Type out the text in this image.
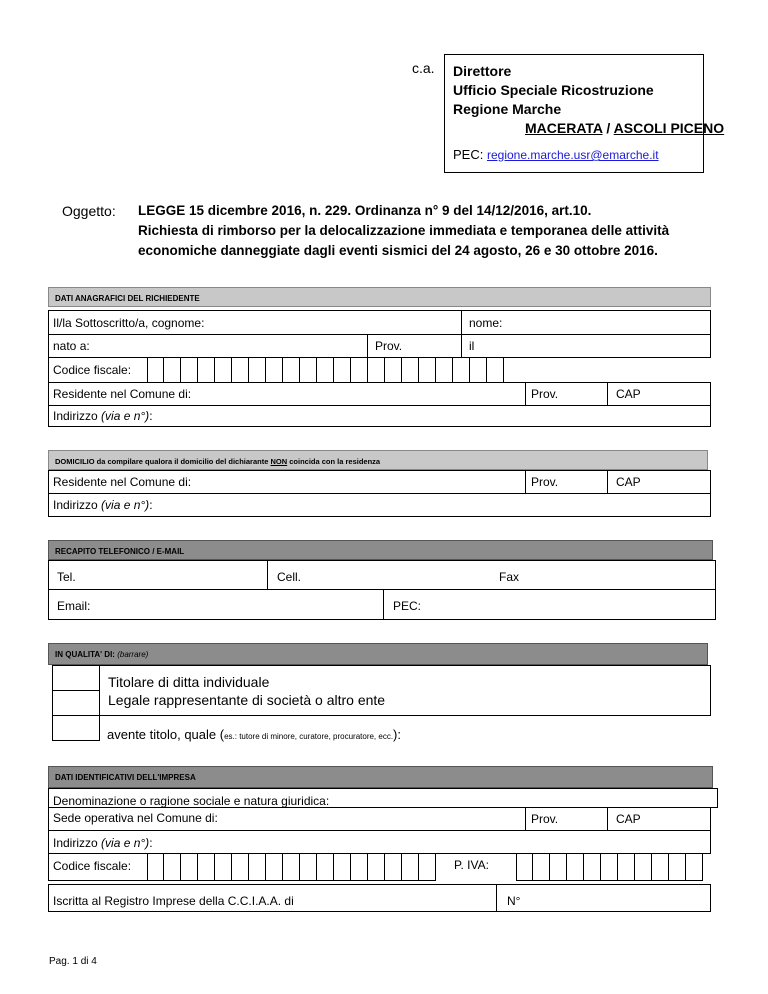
c.a. Direttore
Ufficio Speciale Ricostruzione
Regione Marche
MACERATA / ASCOLI PICENO
PEC: regione.marche.usr@emarche.it
Oggetto: LEGGE 15 dicembre 2016, n. 229. Ordinanza n° 9 del 14/12/2016, art.10.
Richiesta di rimborso per la delocalizzazione immediata e temporanea delle attività
economiche danneggiate dagli eventi sismici del 24 agosto, 26 e 30 ottobre 2016.
DATI ANAGRAFICI DEL RICHIEDENTE
Il/la Sottoscritto/a, cognome:	nome:
nato a:	Prov.	il
Codice fiscale:
Residente nel Comune di:	Prov.	CAP
Indirizzo (via e n°):
DOMICILIO da compilare qualora il domicilio del dichiarante NON coincida con la residenza
Residente nel Comune di:	Prov.	CAP
Indirizzo (via e n°):
RECAPITO TELEFONICO / E-MAIL
Tel.	Cell.	Fax
Email:	PEC:
IN QUALITA' DI: (barrare)
Titolare di ditta individuale
Legale rappresentante di società o altro ente
avente titolo, quale (es.: tutore di minore, curatore, procuratore, ecc.):
DATI IDENTIFICATIVI DELL'IMPRESA
Denominazione o ragione sociale e natura giuridica:
Sede operativa nel Comune di:	Prov.	CAP
Indirizzo (via e n°):
Codice fiscale:	P. IVA:
Iscritta al Registro Imprese della C.C.I.A.A. di	N°
Pag. 1 di 4
